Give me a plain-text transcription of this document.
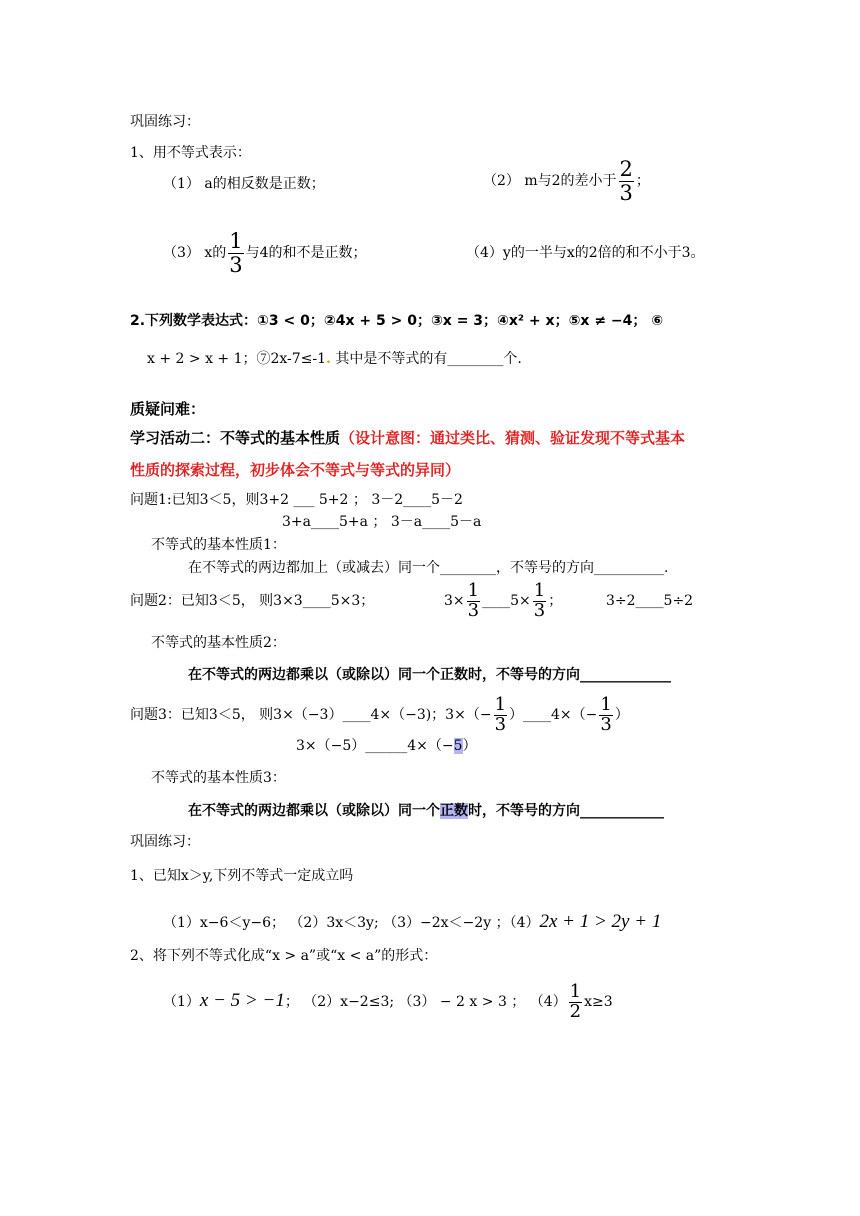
巩固练习：
1、用不等式表示：
（1） a的相反数是正数；	（2） m与2的差小于 $\frac{2}{3}$ ；
（3） x的 $\frac{1}{3}$ 与4的和不是正数；	（4）y的一半与x的2倍的和不小于3。
2.下列数学表达式：①3 < 0；②4x + 5 > 0；③x = 3；④x² + x；⑤x ≠ −4； ⑥
x + 2 > x + 1；⑦2x-7≤-1. 其中是不等式的有________个.
质疑问难：
学习活动二：不等式的基本性质（设计意图：通过类比、猜测、验证发现不等式基本
性质的探索过程，初步体会不等式与等式的异同）
问题1:已知3＜5，则3+2 ___ 5+2 ； 3－2____5－2
3+a____5+a ； 3－a____5－a
不等式的基本性质1：
在不等式的两边都加上（或减去）同一个________，不等号的方向__________.
问题2：已知3＜5， 则3×3____5×3；	$3\times \frac{1}{3}$ ____5× $\frac{1}{3}$ ；	3÷2____5÷2
不等式的基本性质2：
在不等式的两边都乘以（或除以）同一个正数时，不等号的方向_____________
问题3：已知3＜5， 则3×（−3）____4×（−3)；$3\times(- \frac{1}{3}$ ）____4×（− $\frac{1}{3}$ ）
3×（−5）______4×（−5）
不等式的基本性质3：
在不等式的两边都乘以（或除以）同一个正数时，不等号的方向____________
巩固练习：
1、已知x＞y,下列不等式一定成立吗
（1）x−6＜y−6； （2）3x＜3y; （3）−2x＜−2y ；（4）2x + 1 > 2y + 1
2、将下列不等式化成“x > a”或“x < a”的形式：
（1）x − 5 > −1； （2）x−2≤3; （3） − 2 x > 3 ； $(4) \frac{1}{2} x\ge 3$
